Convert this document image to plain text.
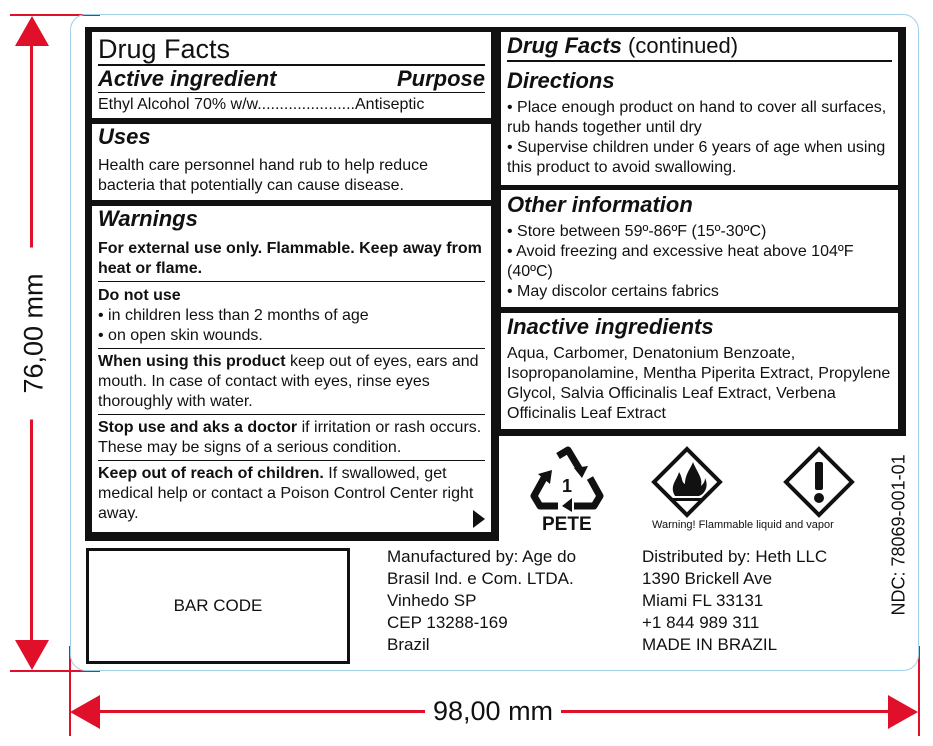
76,00 mm
98,00 mm
Drug Facts
Active ingredient	Purpose
Ethyl Alcohol 70% w/w......................Antiseptic
Uses
Health care personnel hand rub to help reduce bacteria that potentially can cause disease.
Warnings
For external use only. Flammable. Keep away from heat or flame.
Do not use
• in children less than 2 months of age
• on open skin wounds.
When using this product keep out of eyes, ears and mouth. In case of contact with eyes, rinse eyes thoroughly with water.
Stop use and aks a doctor if irritation or rash occurs. These may be signs of a serious condition.
Keep out of reach of children. If swallowed, get medical help or contact a Poison Control Center right away.
Drug Facts (continued)
Directions
• Place enough product on hand to cover all surfaces, rub hands together until dry
• Supervise children under 6 years of age when using this product to avoid swallowing.
Other information
• Store between 59º-86ºF (15º-30ºC)
• Avoid freezing and excessive heat above 104ºF (40ºC)
• May discolor certains fabrics
Inactive ingredients
Aqua, Carbomer, Denatonium Benzoate, Isopropanolamine, Mentha Piperita Extract, Propylene Glycol, Salvia Officinalis Leaf Extract, Verbena Officinalis Leaf Extract
1
PETE	Warning! Flammable liquid and vapor	NDC: 78069-001-01
BAR CODE
Manufactured by: Age do
Brasil Ind. e Com. LTDA.
Vinhedo SP
CEP 13288-169
Brazil
Distributed by: Heth LLC
1390 Brickell Ave
Miami FL 33131
+1 844 989 311
MADE IN BRAZIL
